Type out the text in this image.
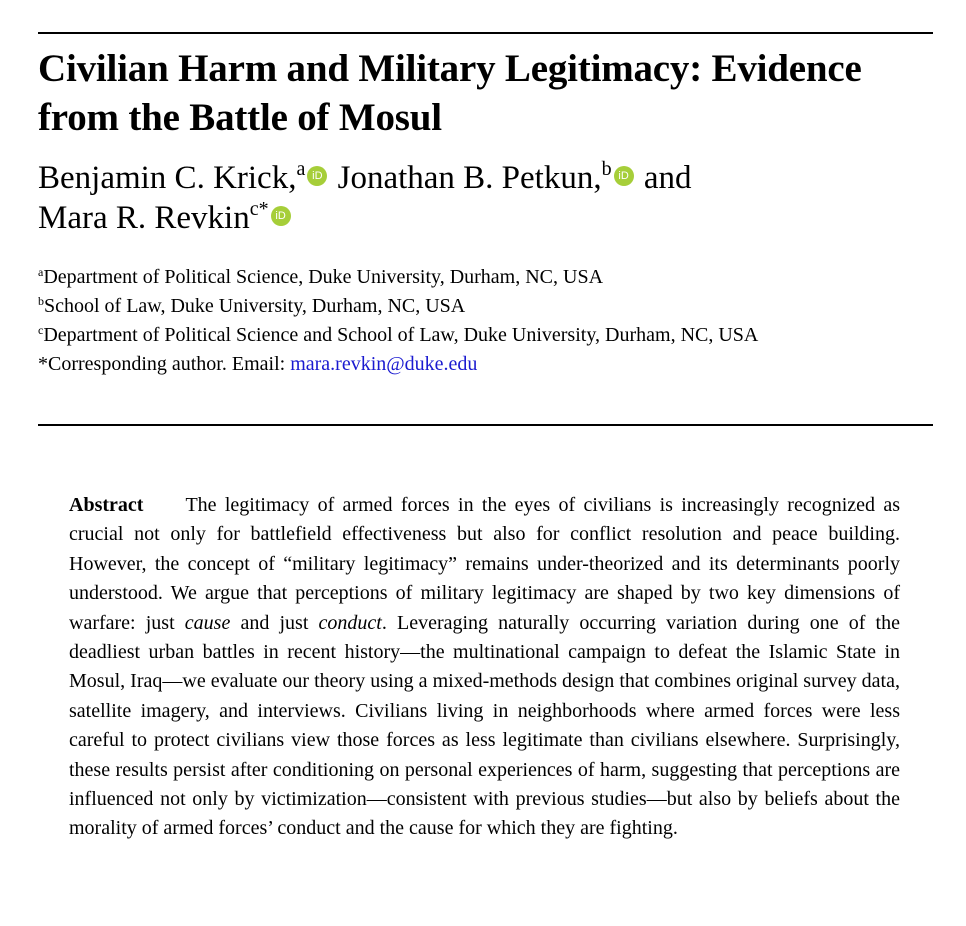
Civilian Harm and Military Legitimacy: Evidence from the Battle of Mosul

Benjamin C. Krick,$^a$ iD Jonathan B. Petkun,$^b$ iD and
Mara R. Revkin$^{c*}$ iD

$^a$Department of Political Science, Duke University, Durham, NC, USA
$^b$School of Law, Duke University, Durham, NC, USA
$^c$Department of Political Science and School of Law, Duke University, Durham, NC, USA
*Corresponding author. Email: mara.revkin@duke.edu

Abstract The legitimacy of armed forces in the eyes of civilians is increasingly recognized as crucial not only for battlefield effectiveness but also for conflict resolution and peace building. However, the concept of “military legitimacy” remains under-theorized and its determinants poorly understood. We argue that perceptions of military legitimacy are shaped by two key dimensions of warfare: just cause and just conduct. Leveraging naturally occurring variation during one of the deadliest urban battles in recent history—the multinational campaign to defeat the Islamic State in Mosul, Iraq—we evaluate our theory using a mixed-methods design that combines original survey data, satellite imagery, and interviews. Civilians living in neighborhoods where armed forces were less careful to protect civilians view those forces as less legitimate than civilians elsewhere. Surprisingly, these results persist after conditioning on personal experiences of harm, suggesting that perceptions are influenced not only by victimization—consistent with previous studies—but also by beliefs about the morality of armed forces’ conduct and the cause for which they are fighting.
